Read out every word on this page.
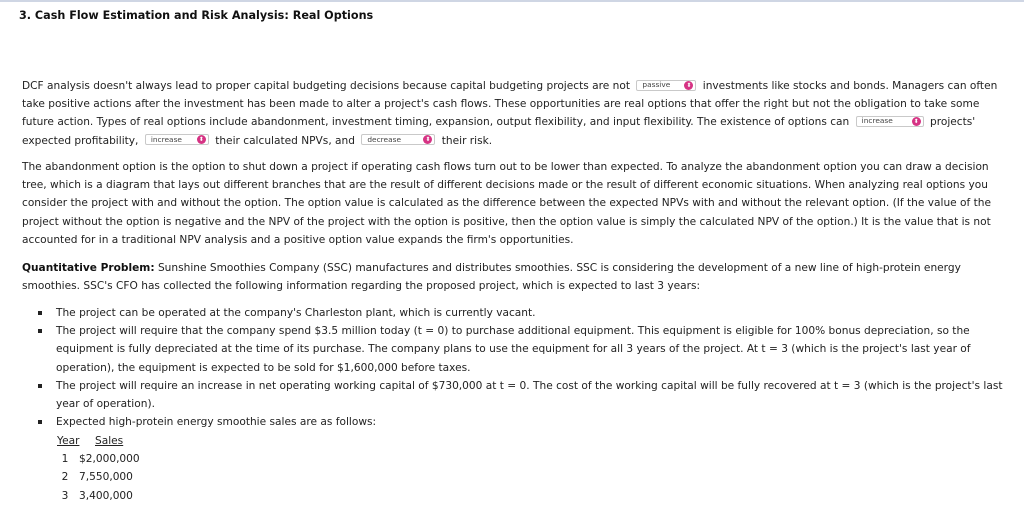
3. Cash Flow Estimation and Risk Analysis: Real Options
DCF analysis doesn't always lead to proper capital budgeting decisions because capital budgeting projects are not passive	⬍ investments like stocks and bonds. Managers can often take positive actions after the investment has been made to alter a project's cash flows. These opportunities are real options that offer the right but not the obligation to take some future action. Types of real options include abandonment, investment timing, expansion, output flexibility, and input flexibility. The existence of options can increase	⬍ projects' expected profitability, increase	⬍ their calculated NPVs, and decrease	⬍ their risk.
The abandonment option is the option to shut down a project if operating cash flows turn out to be lower than expected. To analyze the abandonment option you can draw a decision tree, which is a diagram that lays out different branches that are the result of different decisions made or the result of different economic situations. When analyzing real options you consider the project with and without the option. The option value is calculated as the difference between the expected NPVs with and without the relevant option. (If the value of the project without the option is negative and the NPV of the project with the option is positive, then the option value is simply the calculated NPV of the option.) It is the value that is not accounted for in a traditional NPV analysis and a positive option value expands the firm's opportunities.
Quantitative Problem: Sunshine Smoothies Company (SSC) manufactures and distributes smoothies. SSC is considering the development of a new line of high-protein energy smoothies. SSC's CFO has collected the following information regarding the proposed project, which is expected to last 3 years:
The project can be operated at the company's Charleston plant, which is currently vacant.
The project will require that the company spend $3.5 million today (t = 0) to purchase additional equipment. This equipment is eligible for 100% bonus depreciation, so the equipment is fully depreciated at the time of its purchase. The company plans to use the equipment for all 3 years of the project. At t = 3 (which is the project's last year of operation), the equipment is expected to be sold for $1,600,000 before taxes.
The project will require an increase in net operating working capital of $730,000 at t = 0. The cost of the working capital will be fully recovered at t = 3 (which is the project's last year of operation).
Expected high-protein energy smoothie sales are as follows:
Year Sales
1 $2,000,000
2 7,550,000
3 3,400,000
